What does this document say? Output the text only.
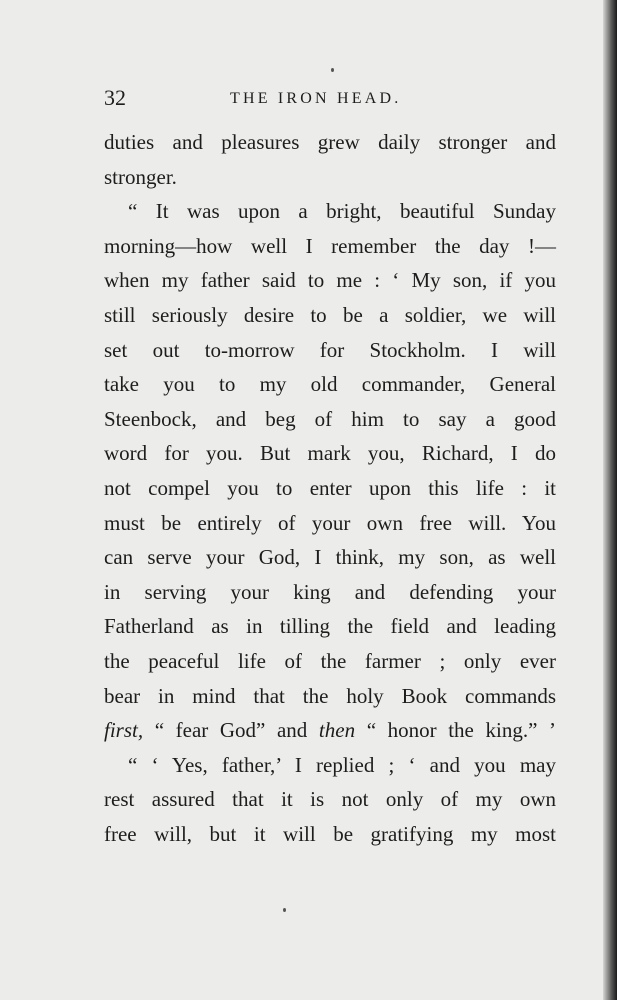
32	THE IRON HEAD.

duties and pleasures grew daily stronger and

stronger.

“ It was upon a bright, beautiful Sunday

morning—how well I remember the day !—

when my father said to me : ‘ My son, if you

still seriously desire to be a soldier, we will

set out to-morrow for Stockholm. I will

take you to my old commander, General

Steenbock, and beg of him to say a good

word for you. But mark you, Richard, I do

not compel you to enter upon this life : it

must be entirely of your own free will. You

can serve your God, I think, my son, as well

in serving your king and defending your

Fatherland as in tilling the field and leading

the peaceful life of the farmer ; only ever

bear in mind that the holy Book commands

first, “ fear God” and then “ honor the king.” ’

“ ‘ Yes, father,’ I replied ; ‘ and you may

rest assured that it is not only of my own

free will, but it will be gratifying my most
